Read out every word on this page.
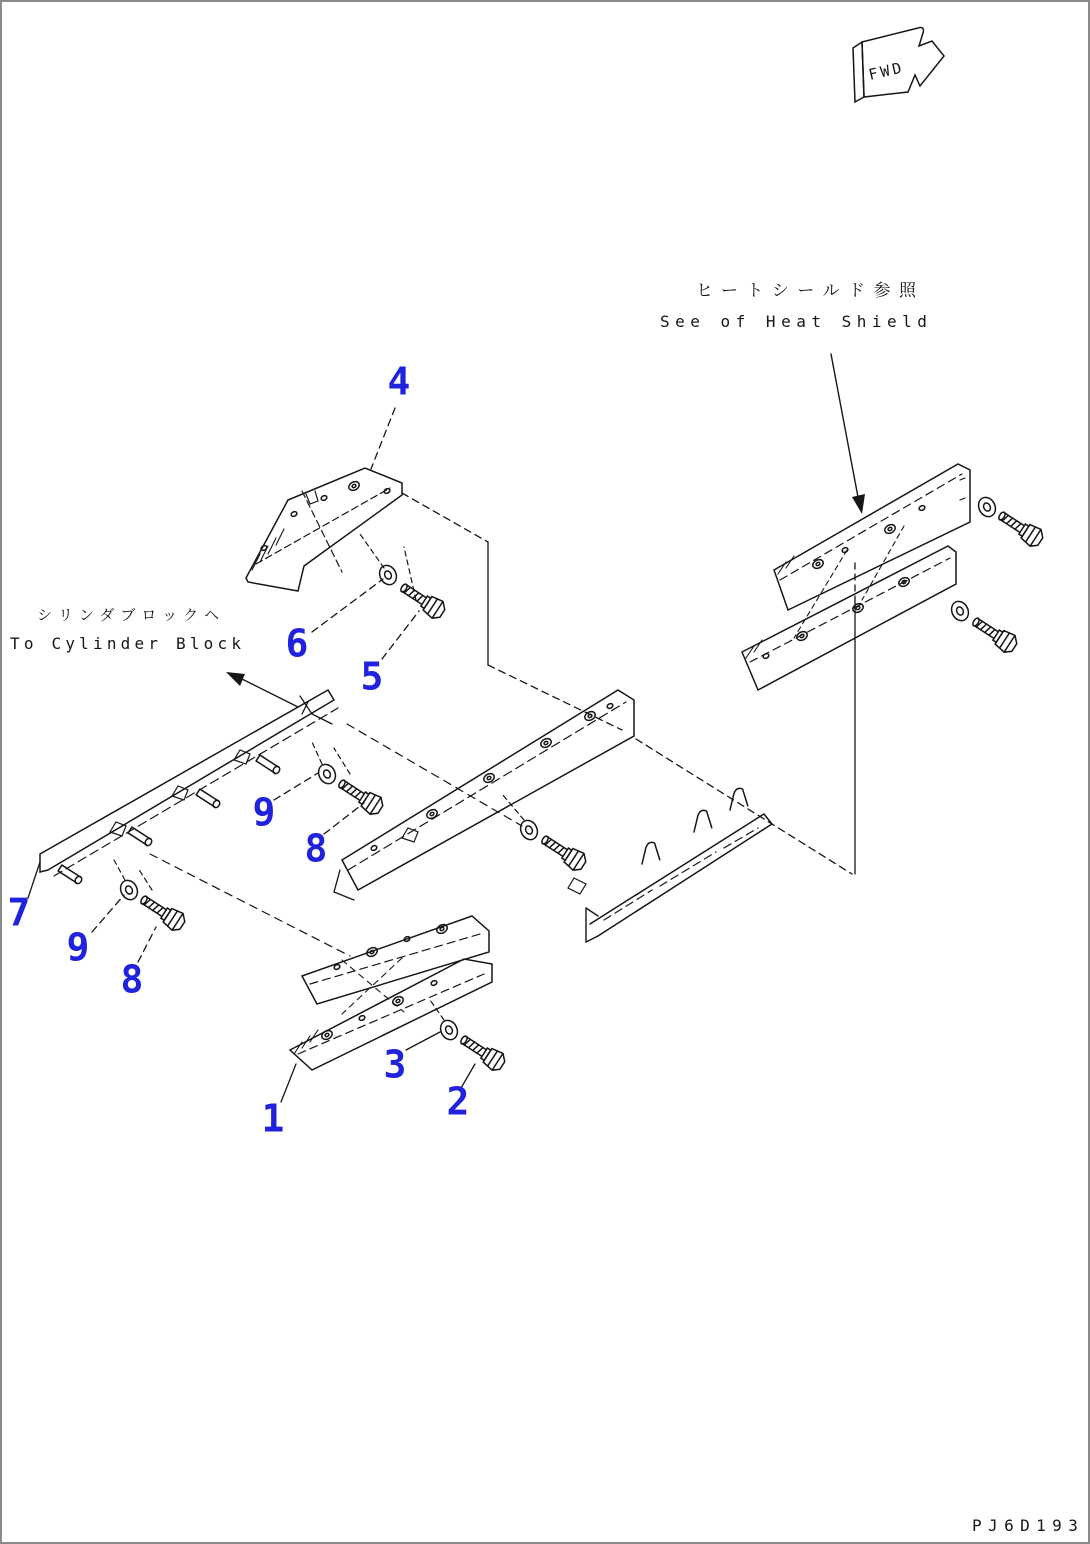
FWD
ヒートシールド参照
See of Heat Shield
シリンダブロックヘ
To Cylinder Block
PJ6D193
4
6
5
9
8
7
9
8
3
2
1
